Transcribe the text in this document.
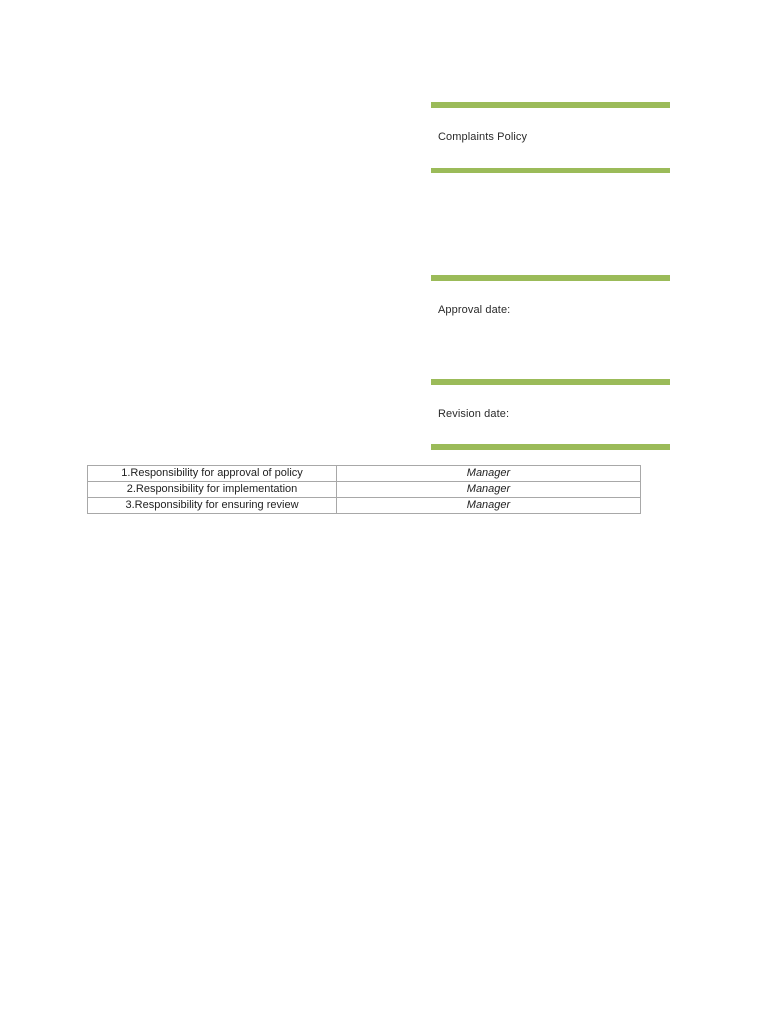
Complaints Policy
Approval date:
Revision date:
1.Responsibility for approval of policy	Manager
2.Responsibility for implementation	Manager
3.Responsibility for ensuring review	Manager
